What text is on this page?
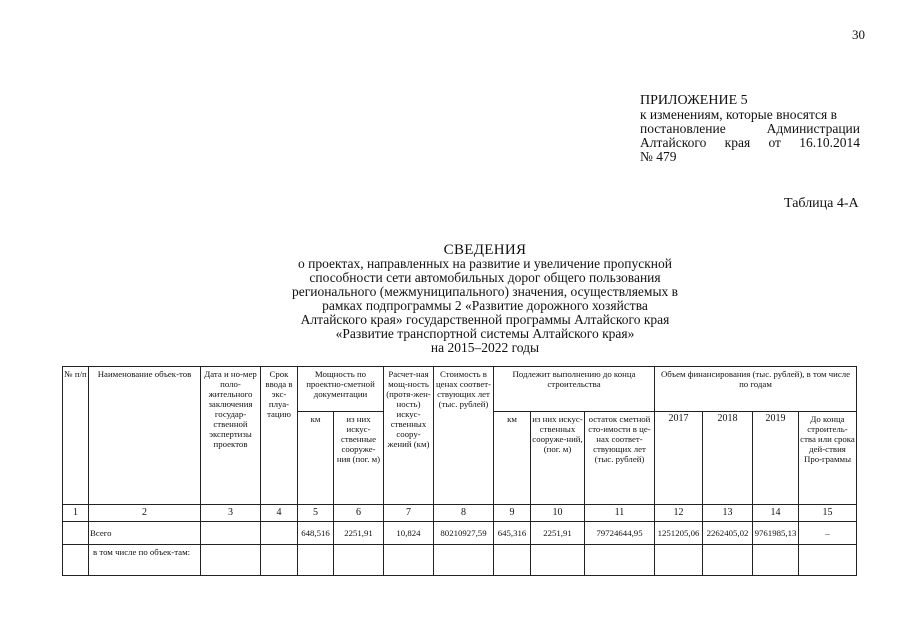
30
ПРИЛОЖЕНИЕ 5
к изменениям, которые вносятся в
постановление Администрации
Алтайского края от 16.10.2014
№ 479
Таблица 4-А
СВЕДЕНИЯ
о проектах, направленных на развитие и увеличение пропускной
способности сети автомобильных дорог общего пользования
регионального (межмуниципального) значения, осуществляемых в
рамках подпрограммы 2 «Развитие дорожного хозяйства
Алтайского края» государственной программы Алтайского края
«Развитие транспортной системы Алтайского края»
на 2015–2022 годы
№ п/п	Наименование объек-тов	Дата и но-мер поло-жительного заключения государ-ственной экспертизы проектов	Срок ввода в экс-плуа-тацию	Мощность по проектно-сметной документации		Расчет-ная мощ-ность (протя-жен-ность) искус-ственных соору-жений (км)	Стоимость в ценах соответ-ствующих лет (тыс. рублей)	Подлежит выполнению до конца строительства			Объем финансирования (тыс. рублей), в том числе по годам			
				км	из них искус-ственные сооруже-ния (пог. м)			км	из них искус-ственных сооруже-ний, (пог. м)	остаток сметной сто-имости в це-нах соответ-ствующих лет (тыс. рублей)	2017	2018	2019	До конца строитель-ства или срока дей-ствия Про-граммы
1	2	3	4	5	6	7	8	9	10	11	12	13	14	15
	Всего			648,516	2251,91	10,824	80210927,59	645,316	2251,91	79724644,95	1251205,06	2262405,02	9761985,13	–
	в том числе по объек-там:													
